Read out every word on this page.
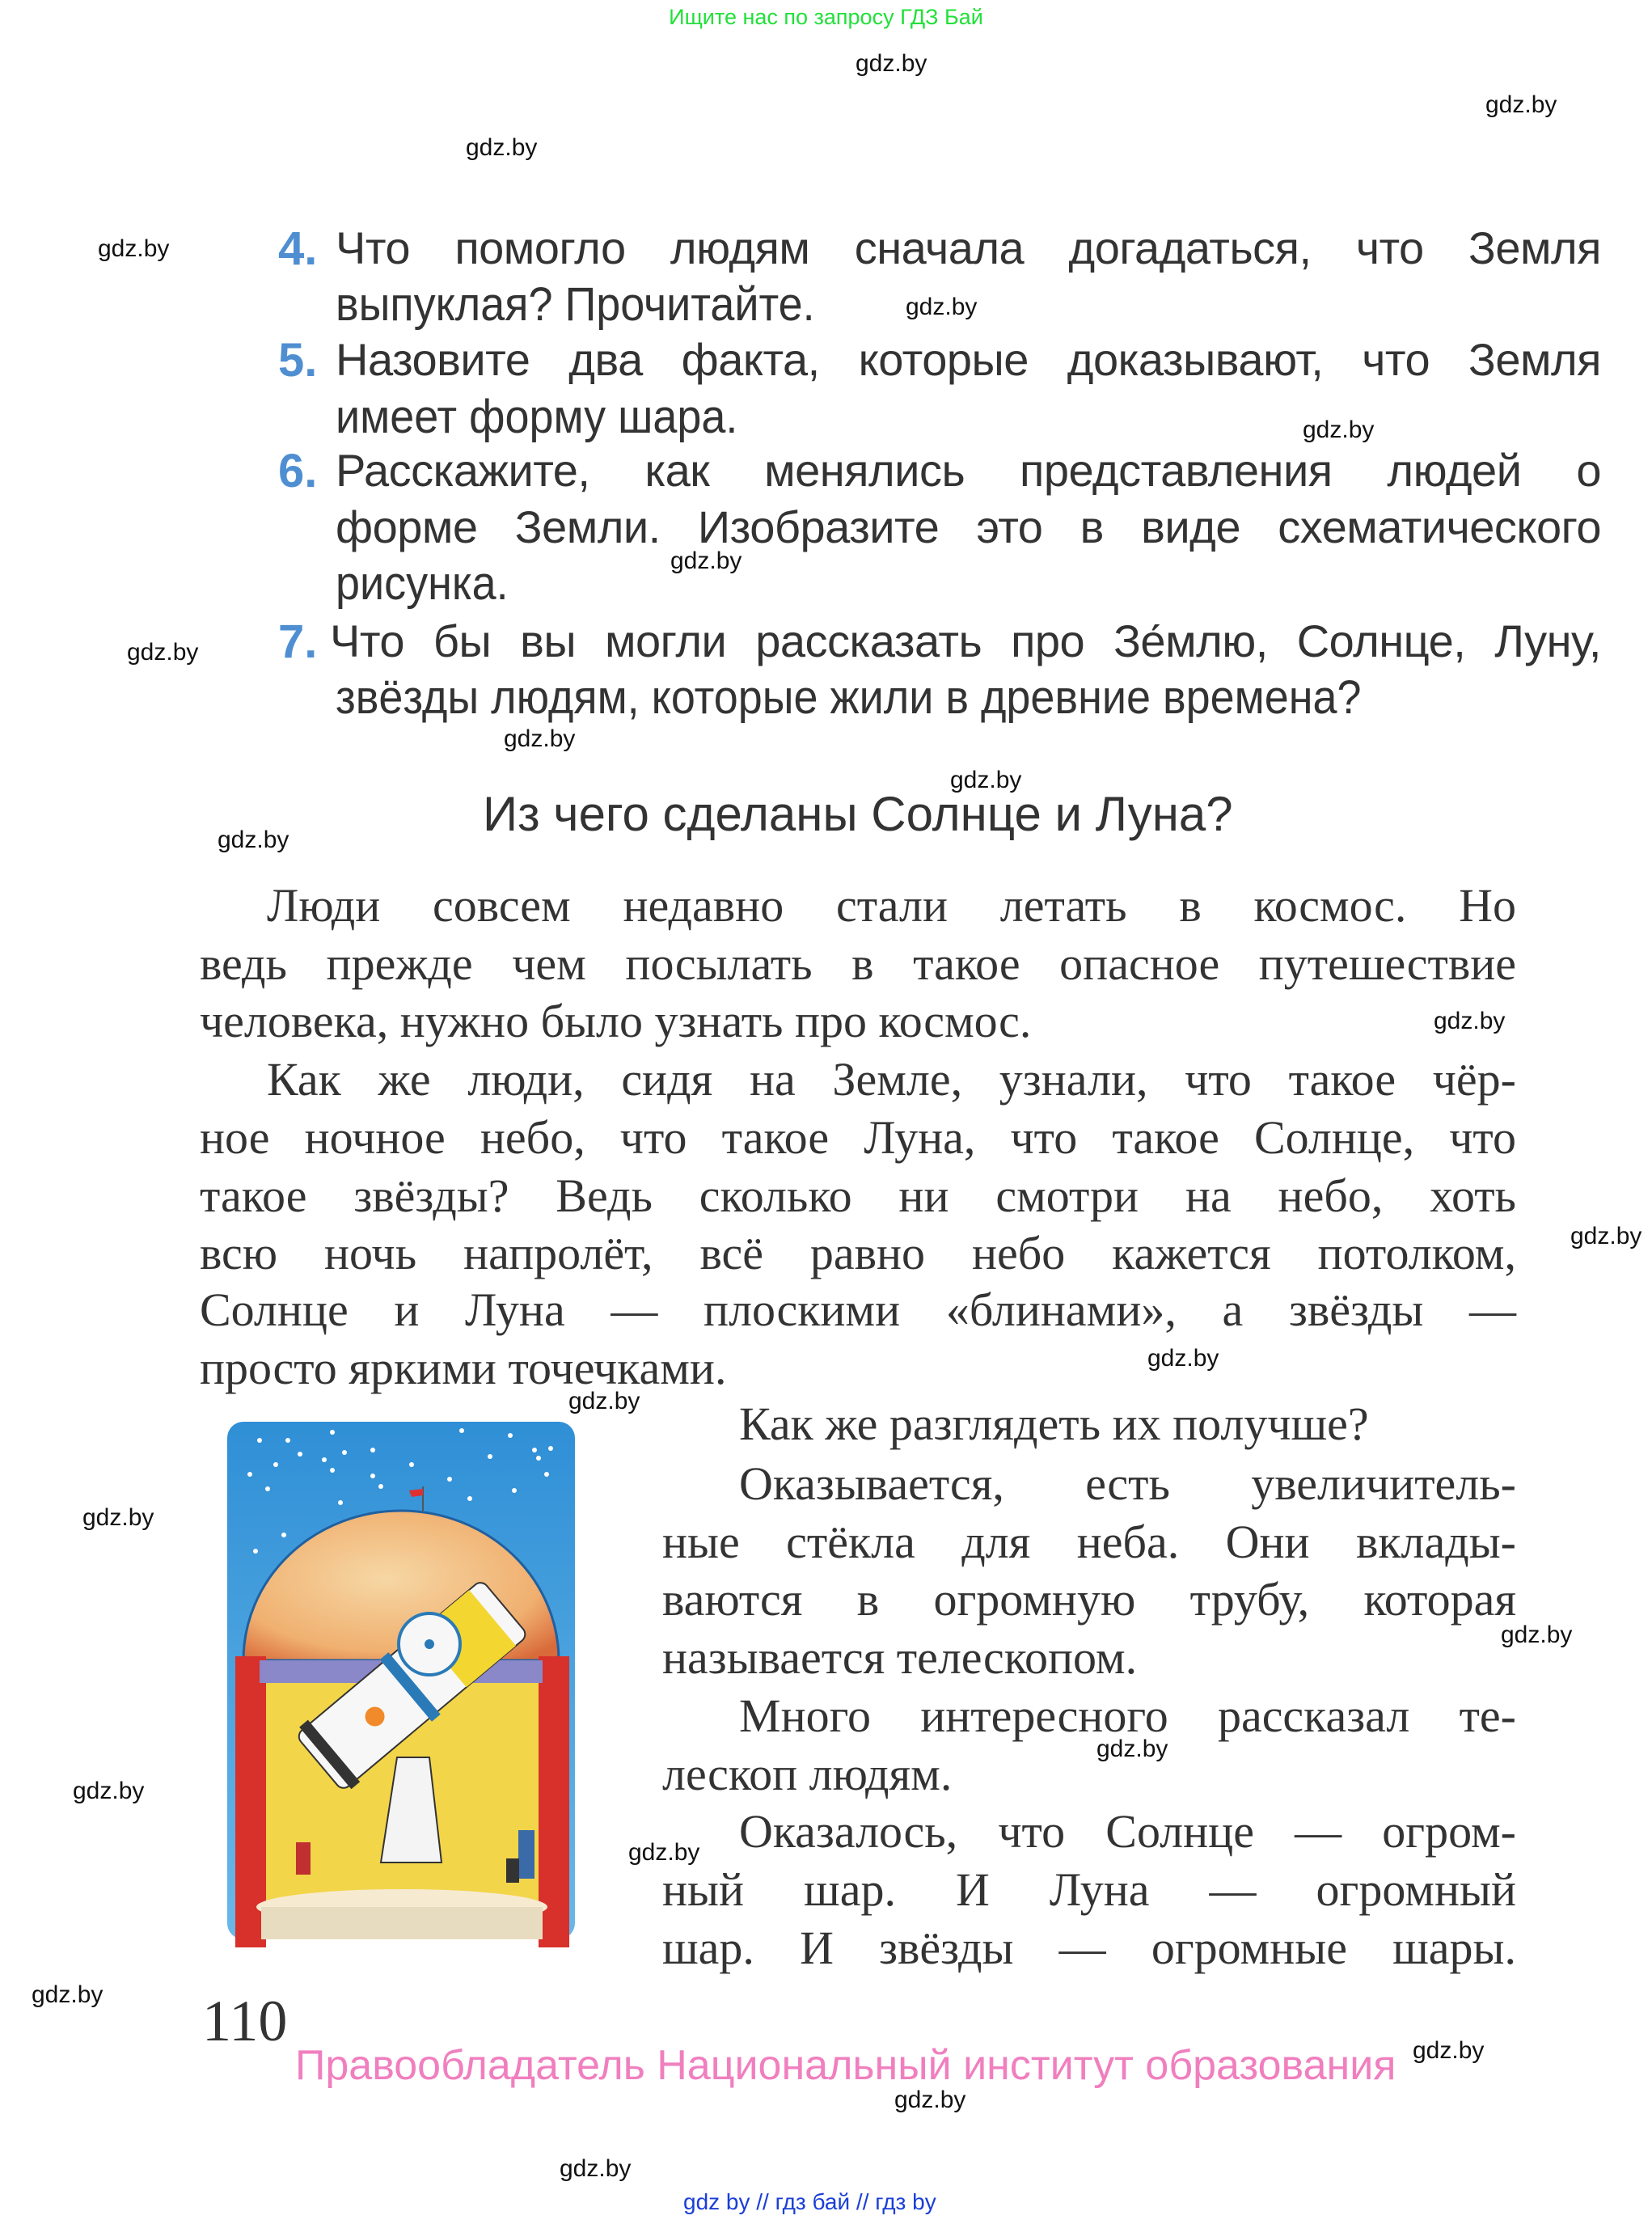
Ищите нас по запросу ГДЗ Бай
gdz.by
gdz.by
gdz.by
gdz.by
gdz.by
gdz.by
gdz.by
gdz.by
gdz.by
gdz.by
gdz.by
gdz.by
gdz.by
gdz.by
gdz.by
gdz.by
gdz.by
gdz.by
gdz.by
gdz.by
gdz.by
gdz.by
gdz.by
gdz.by
4. Что помогло людям сначала догадаться, что Земля
выпуклая? Прочитайте.
5. Назовите два факта, которые доказывают, что Земля
имеет форму шара.
6. Расскажите, как менялись представления людей о
форме Земли. Изобразите это в виде схематического
рисунка.
7. Что бы вы могли рассказать про Зе́млю, Солнце, Луну,
звёзды людям, которые жили в древние времена?
Из чего сделаны Солнце и Луна?
Люди совсем недавно стали летать в космос. Но
ведь прежде чем посылать в такое опасное путешествие
человека, нужно было узнать про космос.
Как же люди, сидя на Земле, узнали, что такое чёр-
ное ночное небо, что такое Луна, что такое Солнце, что
такое звёзды? Ведь сколько ни смотри на небо, хоть
всю ночь напролёт, всё равно небо кажется потолком,
Солнце и Луна — плоскими «блинами», а звёзды —
просто яркими точечками.
Как же разглядеть их получше?
Оказывается, есть увеличитель-
ные стёкла для неба. Они вклады-
ваются в огромную трубу, которая
называется телескопом.
Много интересного рассказал те-
лескоп людям.
Оказалось, что Солнце — огром-
ный шар. И Луна — огромный
шар. И звёзды — огромные шары.
110
Правообладатель Национальный институт образования
gdz by // гдз бай // гдз by
